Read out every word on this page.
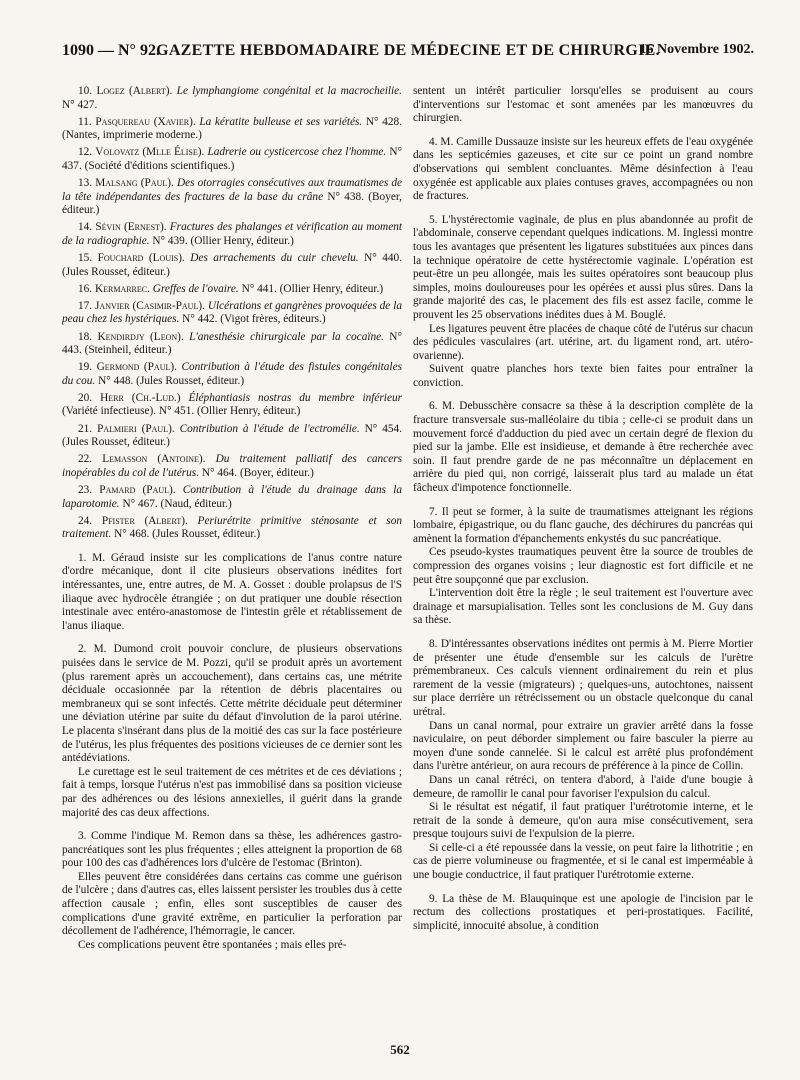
1090 — N° 92.
GAZETTE HEBDOMADAIRE DE MÉDECINE ET DE CHIRURGIE.
16 Novembre 1902.

10. Logez (Albert). Le lymphangiome congénital et la macrocheilie. N° 427.

11. Pasquereau (Xavier). La kératite bulleuse et ses variétés. N° 428. (Nantes, imprimerie moderne.)

12. Volovatz (Mlle Élise). Ladrerie ou cysticercose chez l'homme. N° 437. (Société d'éditions scientifiques.)

13. Malsang (Paul). Des otorragies consécutives aux traumatismes de la tête indépendantes des fractures de la base du crâne N° 438. (Boyer, éditeur.)

14. Sévin (Ernest). Fractures des phalanges et vérification au moment de la radiographie. N° 439. (Ollier Henry, éditeur.)

15. Fouchard (Louis). Des arrachements du cuir chevelu. N° 440. (Jules Rousset, éditeur.)

16. Kermarrec. Greffes de l'ovaire. N° 441. (Ollier Henry, éditeur.)

17. Janvier (Casimir-Paul). Ulcérations et gangrènes provoquées de la peau chez les hystériques. N° 442. (Vigot frères, éditeurs.)

18. Kendirdjy (Leon). L'anesthésie chirurgicale par la cocaïne. N° 443. (Steinheil, éditeur.)

19. Germond (Paul). Contribution à l'étude des fistules congénitales du cou. N° 448. (Jules Rousset, éditeur.)

20. Herr (Ch.-Lud.) Éléphantiasis nostras du membre inférieur (Variété infectieuse). N° 451. (Ollier Henry, éditeur.)

21. Palmieri (Paul). Contribution à l'étude de l'ectromélie. N° 454. (Jules Rousset, éditeur.)

22. Lemasson (Antoine). Du traitement palliatif des cancers inopérables du col de l'utérus. N° 464. (Boyer, éditeur.)

23. Pamard (Paul). Contribution à l'étude du drainage dans la laparotomie. N° 467. (Naud, éditeur.)

24. Pfister (Albert). Periurétrite primitive sténosante et son traitement. N° 468. (Jules Rousset, éditeur.)

1. M. Géraud insiste sur les complications de l'anus contre nature d'ordre mécanique, dont il cite plusieurs observations inédites fort intéressantes, une, entre autres, de M. A. Gosset : double prolapsus de l'S iliaque avec hydrocèle étrangiée ; on dut pratiquer une double résection intestinale avec entéro-anastomose de l'intestin grêle et rétablissement de l'anus iliaque.

2. M. Dumond croit pouvoir conclure, de plusieurs observations puisées dans le service de M. Pozzi, qu'il se produit après un avortement (plus rarement après un accouchement), dans certains cas, une métrite déciduale occasionnée par la rétention de débris placentaires ou membraneux qui se sont infectés. Cette métrite déciduale peut déterminer une déviation utérine par suite du défaut d'involution de la paroi utérine. Le placenta s'insérant dans plus de la moitié des cas sur la face postérieure de l'utérus, les plus fréquentes des positions vicieuses de ce dernier sont les antédéviations.

Le curettage est le seul traitement de ces métrites et de ces déviations ; fait à temps, lorsque l'utérus n'est pas immobilisé dans sa position vicieuse par des adhérences ou des lésions annexielles, il guérit dans la grande majorité des cas deux affections.

3. Comme l'indique M. Remon dans sa thèse, les adhérences gastro-pancréatiques sont les plus fréquentes ; elles atteignent la proportion de 68 pour 100 des cas d'adhérences lors d'ulcère de l'estomac (Brinton).

Elles peuvent être considérées dans certains cas comme une guérison de l'ulcère ; dans d'autres cas, elles laissent persister les troubles dus à cette affection causale ; enfin, elles sont susceptibles de causer des complications d'une gravité extrême, en particulier la perforation par décollement de l'adhérence, l'hémorragie, le cancer.

Ces complications peuvent être spontanées ; mais elles pré-

sentent un intérêt particulier lorsqu'elles se produisent au cours d'interventions sur l'estomac et sont amenées par les manœuvres du chirurgien.

4. M. Camille Dussauze insiste sur les heureux effets de l'eau oxygénée dans les septicémies gazeuses, et cite sur ce point un grand nombre d'observations qui semblent concluantes. Même désinfection à l'eau oxygénée est applicable aux plaies contuses graves, accompagnées ou non de fractures.

5. L'hystérectomie vaginale, de plus en plus abandonnée au profit de l'abdominale, conserve cependant quelques indications. M. Inglessi montre tous les avantages que présentent les ligatures substituées aux pinces dans la technique opératoire de cette hystérectomie vaginale. L'opération est peut-être un peu allongée, mais les suites opératoires sont beaucoup plus simples, moins douloureuses pour les opérées et aussi plus sûres. Dans la grande majorité des cas, le placement des fils est assez facile, comme le prouvent les 25 observations inédites dues à M. Bouglé.

Les ligatures peuvent être placées de chaque côté de l'utérus sur chacun des pédicules vasculaires (art. utérine, art. du ligament rond, art. utéro-ovarienne).

Suivent quatre planches hors texte bien faites pour entraîner la conviction.

6. M. Debusschère consacre sa thèse à la description complète de la fracture transversale sus-malléolaire du tibia ; celle-ci se produit dans un mouvement forcé d'adduction du pied avec un certain degré de flexion du pied sur la jambe. Elle est insidieuse, et demande à être recherchée avec soin. Il faut prendre garde de ne pas méconnaître un déplacement en arrière du pied qui, non corrigé, laisserait plus tard au malade un état fâcheux d'impotence fonctionnelle.

7. Il peut se former, à la suite de traumatismes atteignant les régions lombaire, épigastrique, ou du flanc gauche, des déchirures du pancréas qui amènent la formation d'épanchements enkystés du suc pancréatique.

Ces pseudo-kystes traumatiques peuvent être la source de troubles de compression des organes voisins ; leur diagnostic est fort difficile et ne peut être soupçonné que par exclusion.

L'intervention doit être la règle ; le seul traitement est l'ouverture avec drainage et marsupialisation. Telles sont les conclusions de M. Guy dans sa thèse.

8. D'intéressantes observations inédites ont permis à M. Pierre Mortier de présenter une étude d'ensemble sur les calculs de l'urètre prémembraneux. Ces calculs viennent ordinairement du rein et plus rarement de la vessie (migrateurs) ; quelques-uns, autochtones, naissent sur place derrière un rétrécissement ou un obstacle quelconque du canal urétral.

Dans un canal normal, pour extraire un gravier arrêté dans la fosse naviculaire, on peut déborder simplement ou faire basculer la pierre au moyen d'une sonde cannelée. Si le calcul est arrêté plus profondément dans l'urètre antérieur, on aura recours de préférence à la pince de Collin.

Dans un canal rétréci, on tentera d'abord, à l'aide d'une bougie à demeure, de ramollir le canal pour favoriser l'expulsion du calcul.

Si le résultat est négatif, il faut pratiquer l'urétrotomie interne, et le retrait de la sonde à demeure, qu'on aura mise consécutivement, sera presque toujours suivi de l'expulsion de la pierre.

Si celle-ci a été repoussée dans la vessie, on peut faire la lithotritie ; en cas de pierre volumineuse ou fragmentée, et si le canal est imperméable à une bougie conductrice, il faut pratiquer l'urétrotomie externe.

9. La thèse de M. Blauquinque est une apologie de l'incision par le rectum des collections prostatiques et peri-prostatiques. Facilité, simplicité, innocuité absolue, à condition

562
